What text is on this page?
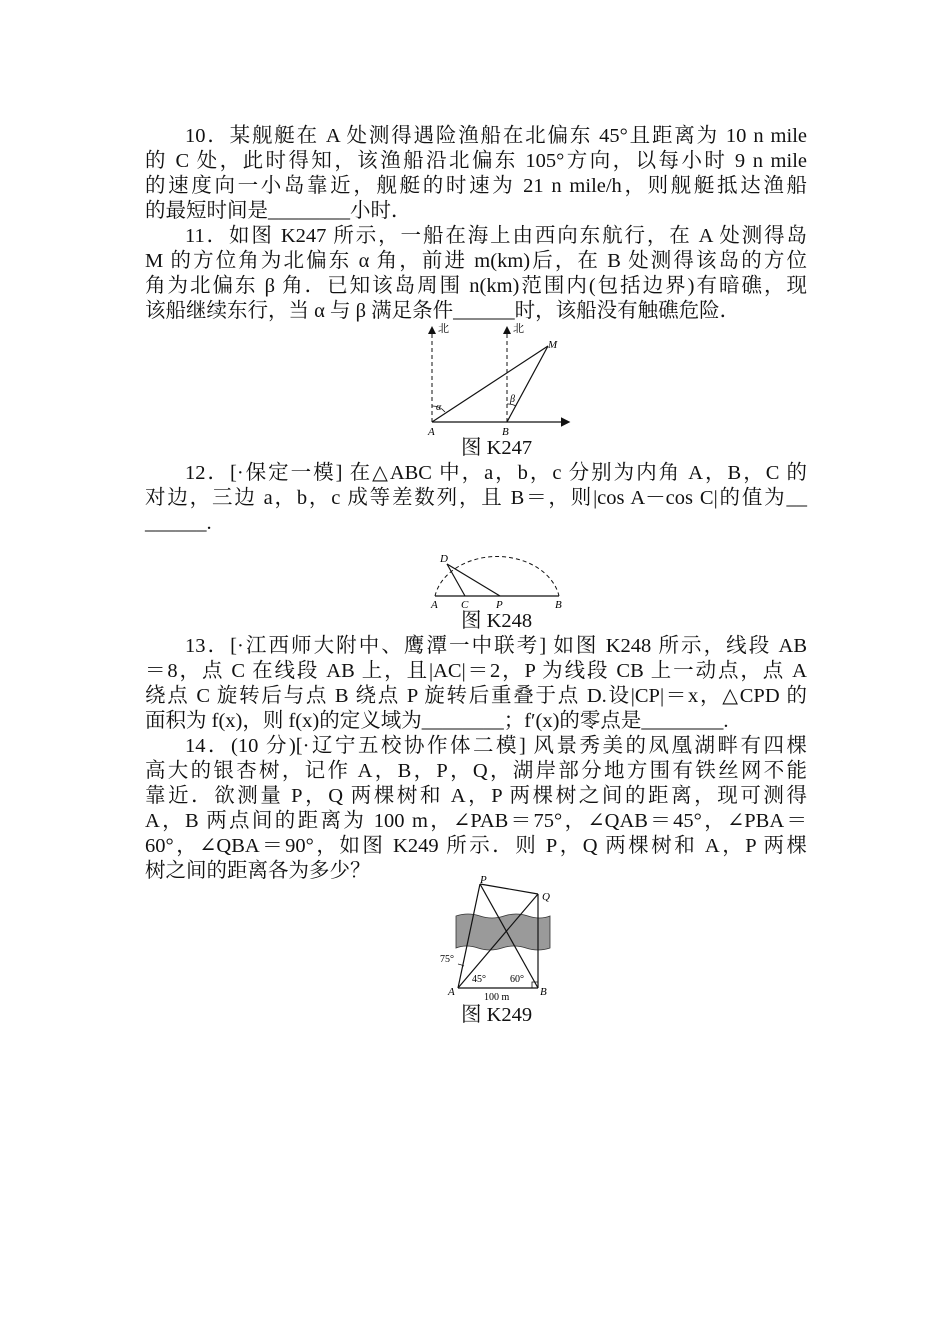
10．某舰艇在 A 处测得遇险渔船在北偏东 45°且距离为 10 n mile
的 C 处，此时得知，该渔船沿北偏东 105°方向，以每小时 9 n mile
的速度向一小岛靠近，舰艇的时速为 21 n mile/h，则舰艇抵达渔船
的最短时间是________小时．
11．如图 K247 所示，一船在海上由西向东航行，在 A 处测得岛
M 的方位角为北偏东 α 角，前进 m(km)后，在 B 处测得该岛的方位
角为北偏东 β 角．已知该岛周围 n(km)范围内(包括边界)有暗礁，现
该船继续东行，当 α 与 β 满足条件______时，该船没有触礁危险．
北	北
M
α
β
A	B
图 K247
12．[·保定一模] 在△ABC 中，a，b，c 分别为内角 A，B，C 的
对边，三边 a，b，c 成等差数列，且 B＝，则|cos A－cos C|的值为__
______.
D
A C	P	B
图 K248
13．[·江西师大附中、鹰潭一中联考] 如图 K248 所示，线段 AB
＝8，点 C 在线段 AB 上，且|AC|＝2，P 为线段 CB 上一动点，点 A
绕点 C 旋转后与点 B 绕点 P 旋转后重叠于点 D.设|CP|＝x，△CPD 的
面积为 f(x)，则 f(x)的定义域为________；f′(x)的零点是________.
14．(10 分)[·辽宁五校协作体二模] 风景秀美的凤凰湖畔有四棵
高大的银杏树，记作 A，B，P，Q，湖岸部分地方围有铁丝网不能
靠近．欲测量 P，Q 两棵树和 A，P 两棵树之间的距离，现可测得
A，B 两点间的距离为 100 m，∠PAB＝75°，∠QAB＝45°，∠PBA＝
60°，∠QBA＝90°，如图 K249 所示．则 P，Q 两棵树和 A，P 两棵
树之间的距离各为多少？	P
Q
75°
45° 60°
A	B
100 m
图 K249
